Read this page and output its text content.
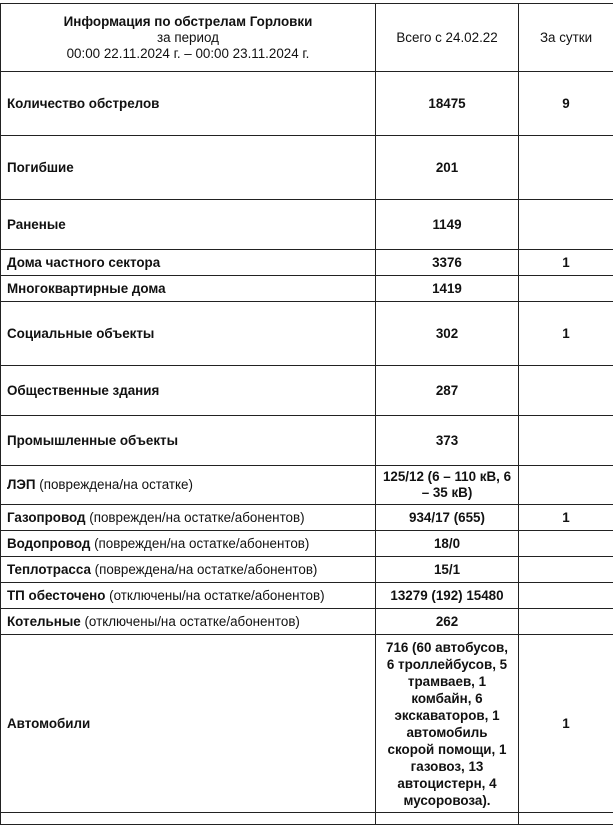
Информация по обстрелам Горловки
за период
00:00 22.11.2024 г. – 00:00 23.11.2024 г.	Всего с 24.02.22	За сутки
Количество обстрелов	18475	9
Погибшие	201	
Раненые	1149	
Дома частного сектора	3376	1
Многоквартирные дома	1419	
Социальные объекты	302	1
Общественные здания	287	
Промышленные объекты	373	
ЛЭП (повреждена/на остатке)	125/12 (6 – 110 кВ, 6 – 35 кВ)	
Газопровод (поврежден/на остатке/абонентов)	934/17 (655)	1
Водопровод (поврежден/на остатке/абонентов)	18/0	
Теплотрасса (повреждена/на остатке/абонентов)	15/1	
ТП обесточено (отключены/на остатке/абонентов)	13279 (192) 15480	
Котельные (отключены/на остатке/абонентов)	262	
Автомобили	716 (60 автобусов, 6 троллейбусов, 5 трамваев, 1 комбайн, 6 экскаваторов, 1 автомобиль скорой помощи, 1 газовоз, 13 автоцистерн, 4 мусоровоза).	1
